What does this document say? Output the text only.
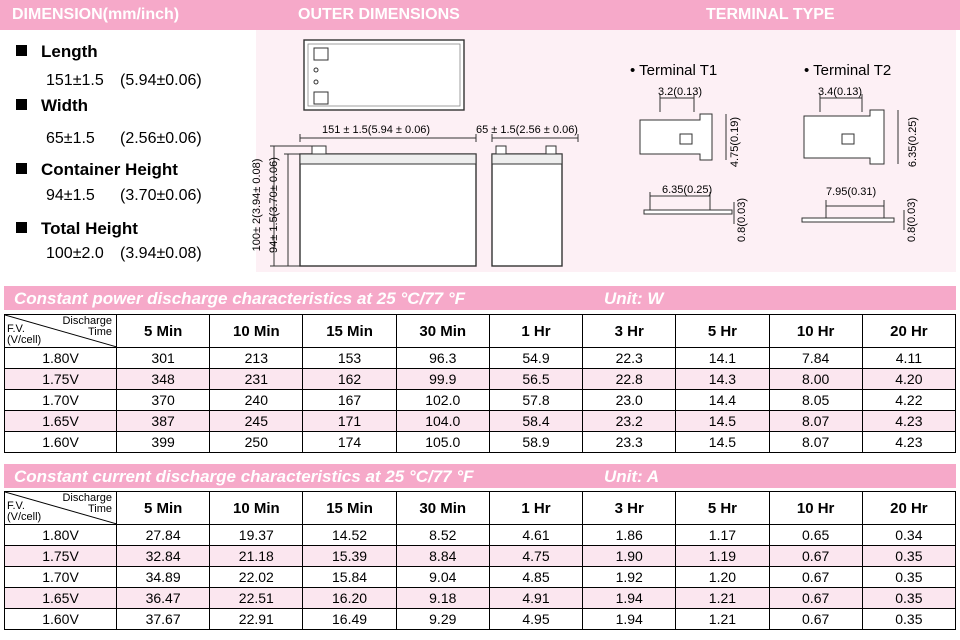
DIMENSION(mm/inch)	OUTER DIMENSIONS	TERMINAL TYPE
Length
151±1.5 (5.94±0.06)
Width
65±1.5 (2.56±0.06)
Container Height
94±1.5 (3.70±0.06)
Total Height
100±2.0 (3.94±0.08)
151 ± 1.5(5.94 ± 0.06)	65 ± 1.5(2.56 ± 0.06)
100± 2(3.94± 0.08) 94± 1.5(3.70± 0.06)
• Terminal T1
3.2(0.13)
4.75(0.19)
6.35(0.25)
0.8(0.03)
• Terminal T2
3.4(0.13)
6.35(0.25)
7.95(0.31)
0.8(0.03)
Constant power discharge characteristics at 25 °C/77 °F	Unit: W
Discharge
Time
F.V.
(V/cell)	5 Min	10 Min	15 Min	30 Min	1 Hr	3 Hr	5 Hr	10 Hr	20 Hr
1.80V	301	213	153	96.3	54.9	22.3	14.1	7.84	4.11
1.75V	348	231	162	99.9	56.5	22.8	14.3	8.00	4.20
1.70V	370	240	167	102.0	57.8	23.0	14.4	8.05	4.22
1.65V	387	245	171	104.0	58.4	23.2	14.5	8.07	4.23
1.60V	399	250	174	105.0	58.9	23.3	14.5	8.07	4.23
Constant current discharge characteristics at 25 °C/77 °F	Unit: A
Discharge
Time
F.V.
(V/cell)	5 Min	10 Min	15 Min	30 Min	1 Hr	3 Hr	5 Hr	10 Hr	20 Hr
1.80V	27.84	19.37	14.52	8.52	4.61	1.86	1.17	0.65	0.34
1.75V	32.84	21.18	15.39	8.84	4.75	1.90	1.19	0.67	0.35
1.70V	34.89	22.02	15.84	9.04	4.85	1.92	1.20	0.67	0.35
1.65V	36.47	22.51	16.20	9.18	4.91	1.94	1.21	0.67	0.35
1.60V	37.67	22.91	16.49	9.29	4.95	1.94	1.21	0.67	0.35
